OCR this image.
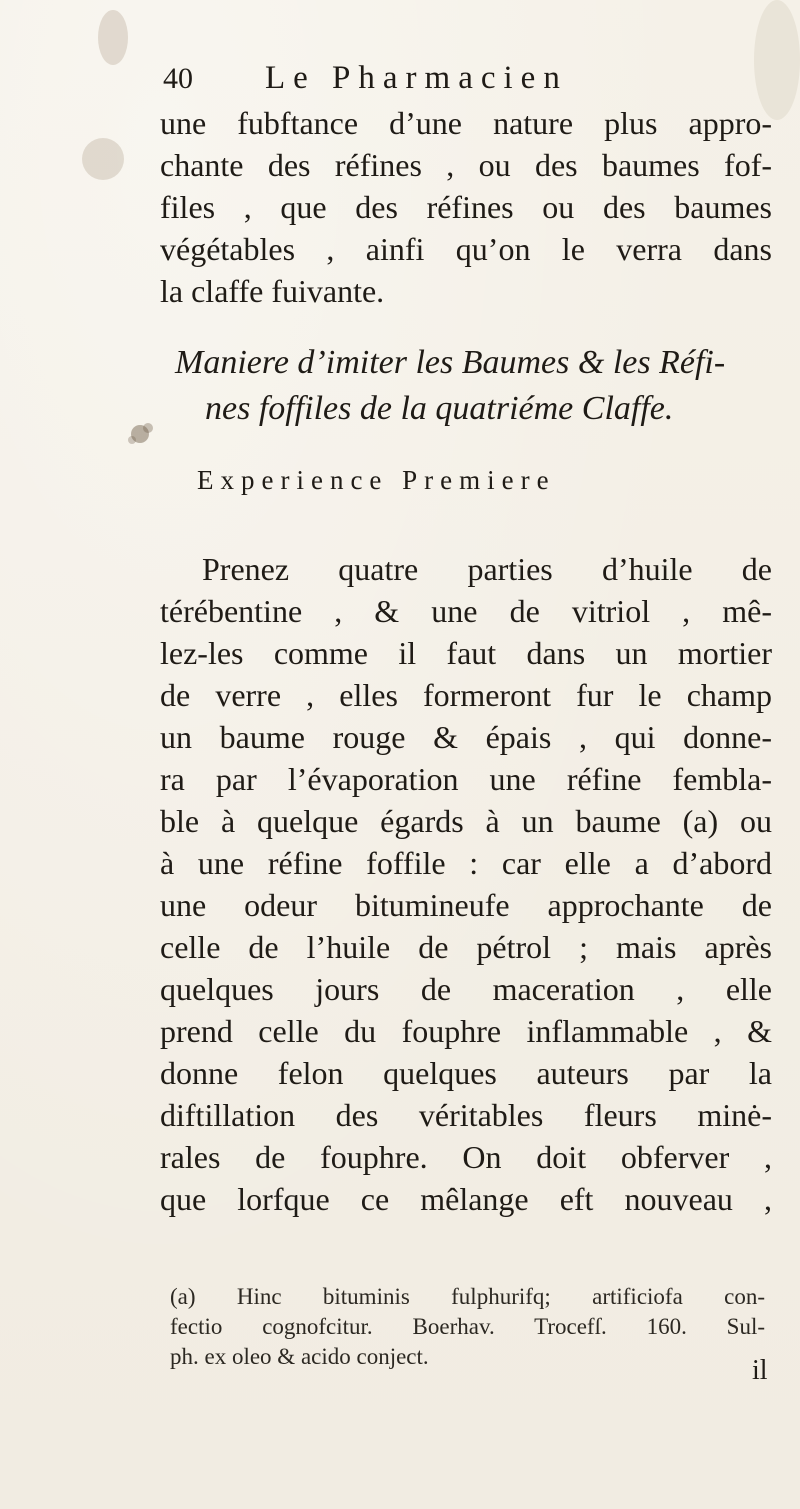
40 Le Pharmacien
une fubftance d’une nature plus appro-
chante des réfines , ou des baumes fof-
files , que des réfines ou des baumes
végétables , ainfi qu’on le verra dans
la claffe fuivante.
Maniere d’imiter les Baumes & les Réfi-
nes foffiles de la quatriéme Claffe.
Experience Premiere
Prenez quatre parties d’huile de
térébentine , & une de vitriol , mê-
lez-les comme il faut dans un mortier
de verre , elles formeront fur le champ
un baume rouge & épais , qui donne-
ra par l’évaporation une réfine fembla-
ble à quelque égards à un baume (a) ou
à une réfine foffile : car elle a d’abord
une odeur bitumineufe approchante de
celle de l’huile de pétrol ; mais après
quelques jours de maceration , elle
prend celle du fouphre inflammable , &
donne felon quelques auteurs par la
diftillation des véritables fleurs minė-
rales de fouphre. On doit obferver ,
que lorfque ce mêlange eft nouveau ,
(a) Hinc bituminis fulphurifq; artificiofa con-
fectio cognofcitur. Boerhav. Trocefſ. 160. Sul-
ph. ex oleo & acido conject.	il
